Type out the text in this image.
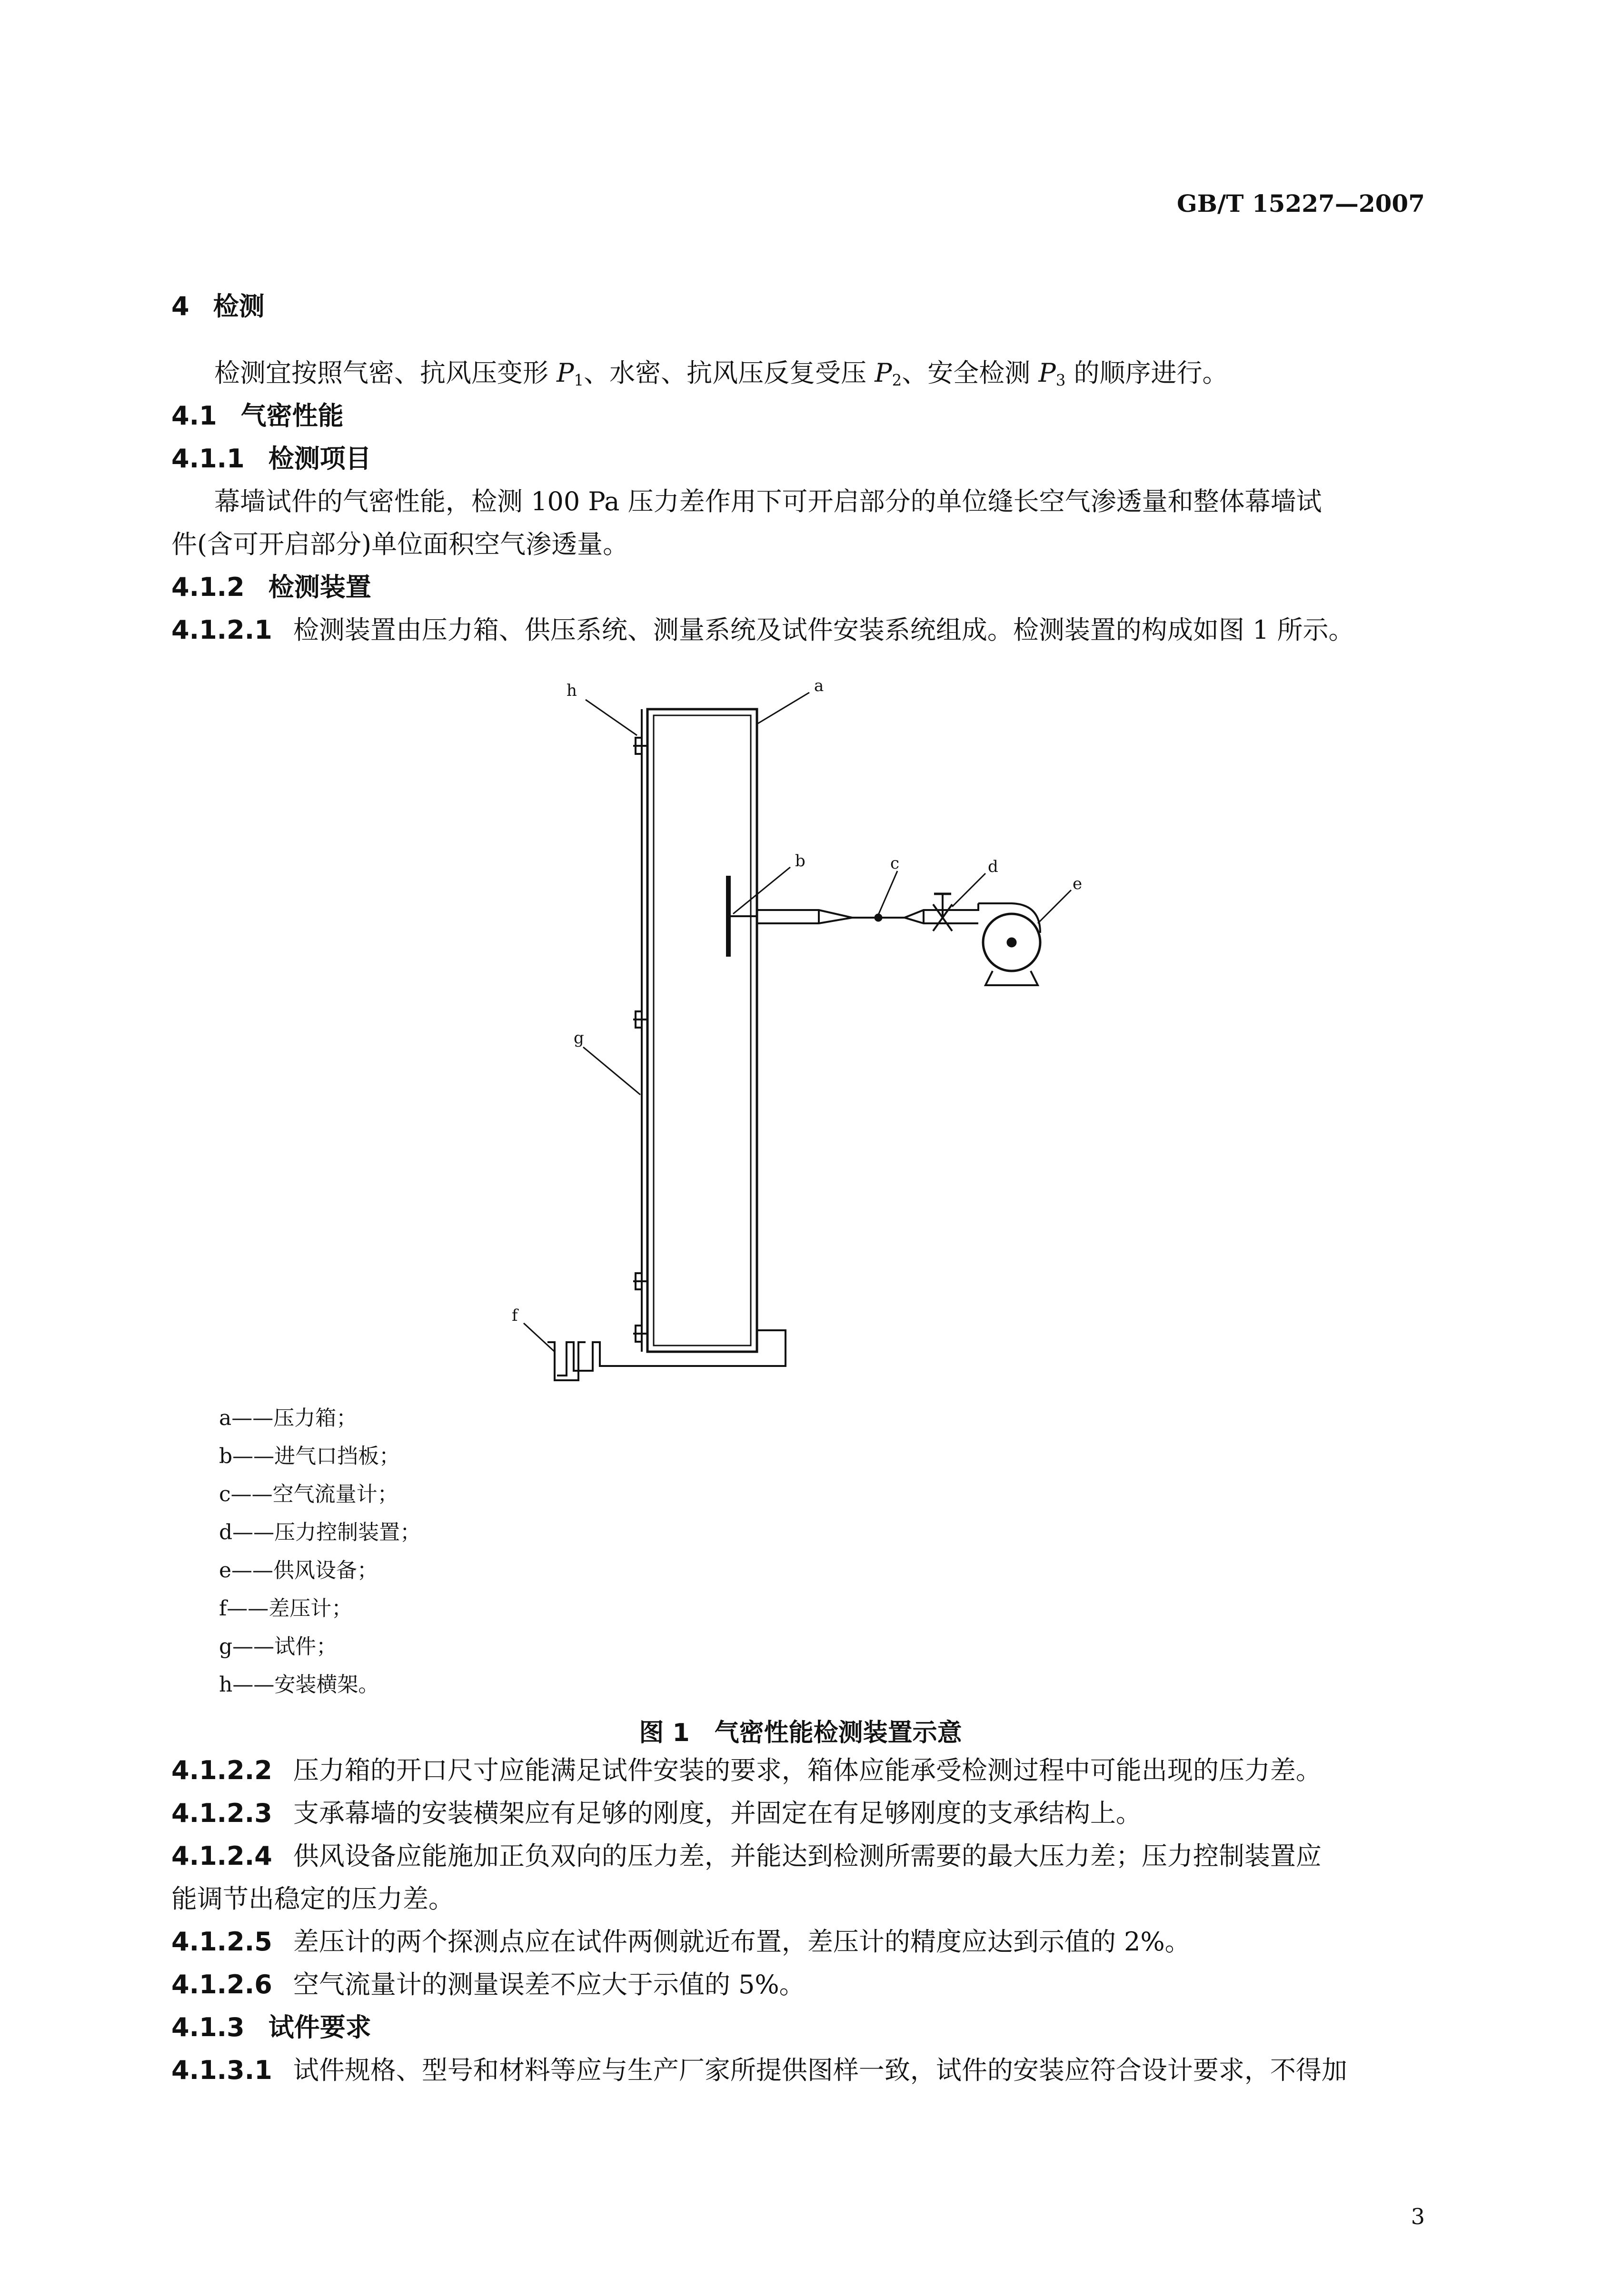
GB/T 15227—2007
4 检测
检测宜按照气密、抗风压变形 $P_1$、水密、抗风压反复受压 $P_2$、安全检测 $P_3$ 的顺序进行。
4.1 气密性能
4.1.1 检测项目
幕墙试件的气密性能，检测 100 Pa 压力差作用下可开启部分的单位缝长空气渗透量和整体幕墙试
件(含可开启部分)单位面积空气渗透量。
4.1.2 检测装置
4.1.2.1 检测装置由压力箱、供压系统、测量系统及试件安装系统组成。检测装置的构成如图 1 所示。
h	a
b	c	d
e
g
f
a——压力箱；
b——进气口挡板；
c——空气流量计；
d——压力控制装置；
e——供风设备；
f——差压计；
g——试件；
h——安装横架。
图 1　气密性能检测装置示意
4.1.2.2 压力箱的开口尺寸应能满足试件安装的要求，箱体应能承受检测过程中可能出现的压力差。
4.1.2.3 支承幕墙的安装横架应有足够的刚度，并固定在有足够刚度的支承结构上。
4.1.2.4 供风设备应能施加正负双向的压力差，并能达到检测所需要的最大压力差；压力控制装置应
能调节出稳定的压力差。
4.1.2.5 差压计的两个探测点应在试件两侧就近布置，差压计的精度应达到示值的 2%。
4.1.2.6 空气流量计的测量误差不应大于示值的 5%。
4.1.3 试件要求
4.1.3.1 试件规格、型号和材料等应与生产厂家所提供图样一致，试件的安装应符合设计要求，不得加
3
